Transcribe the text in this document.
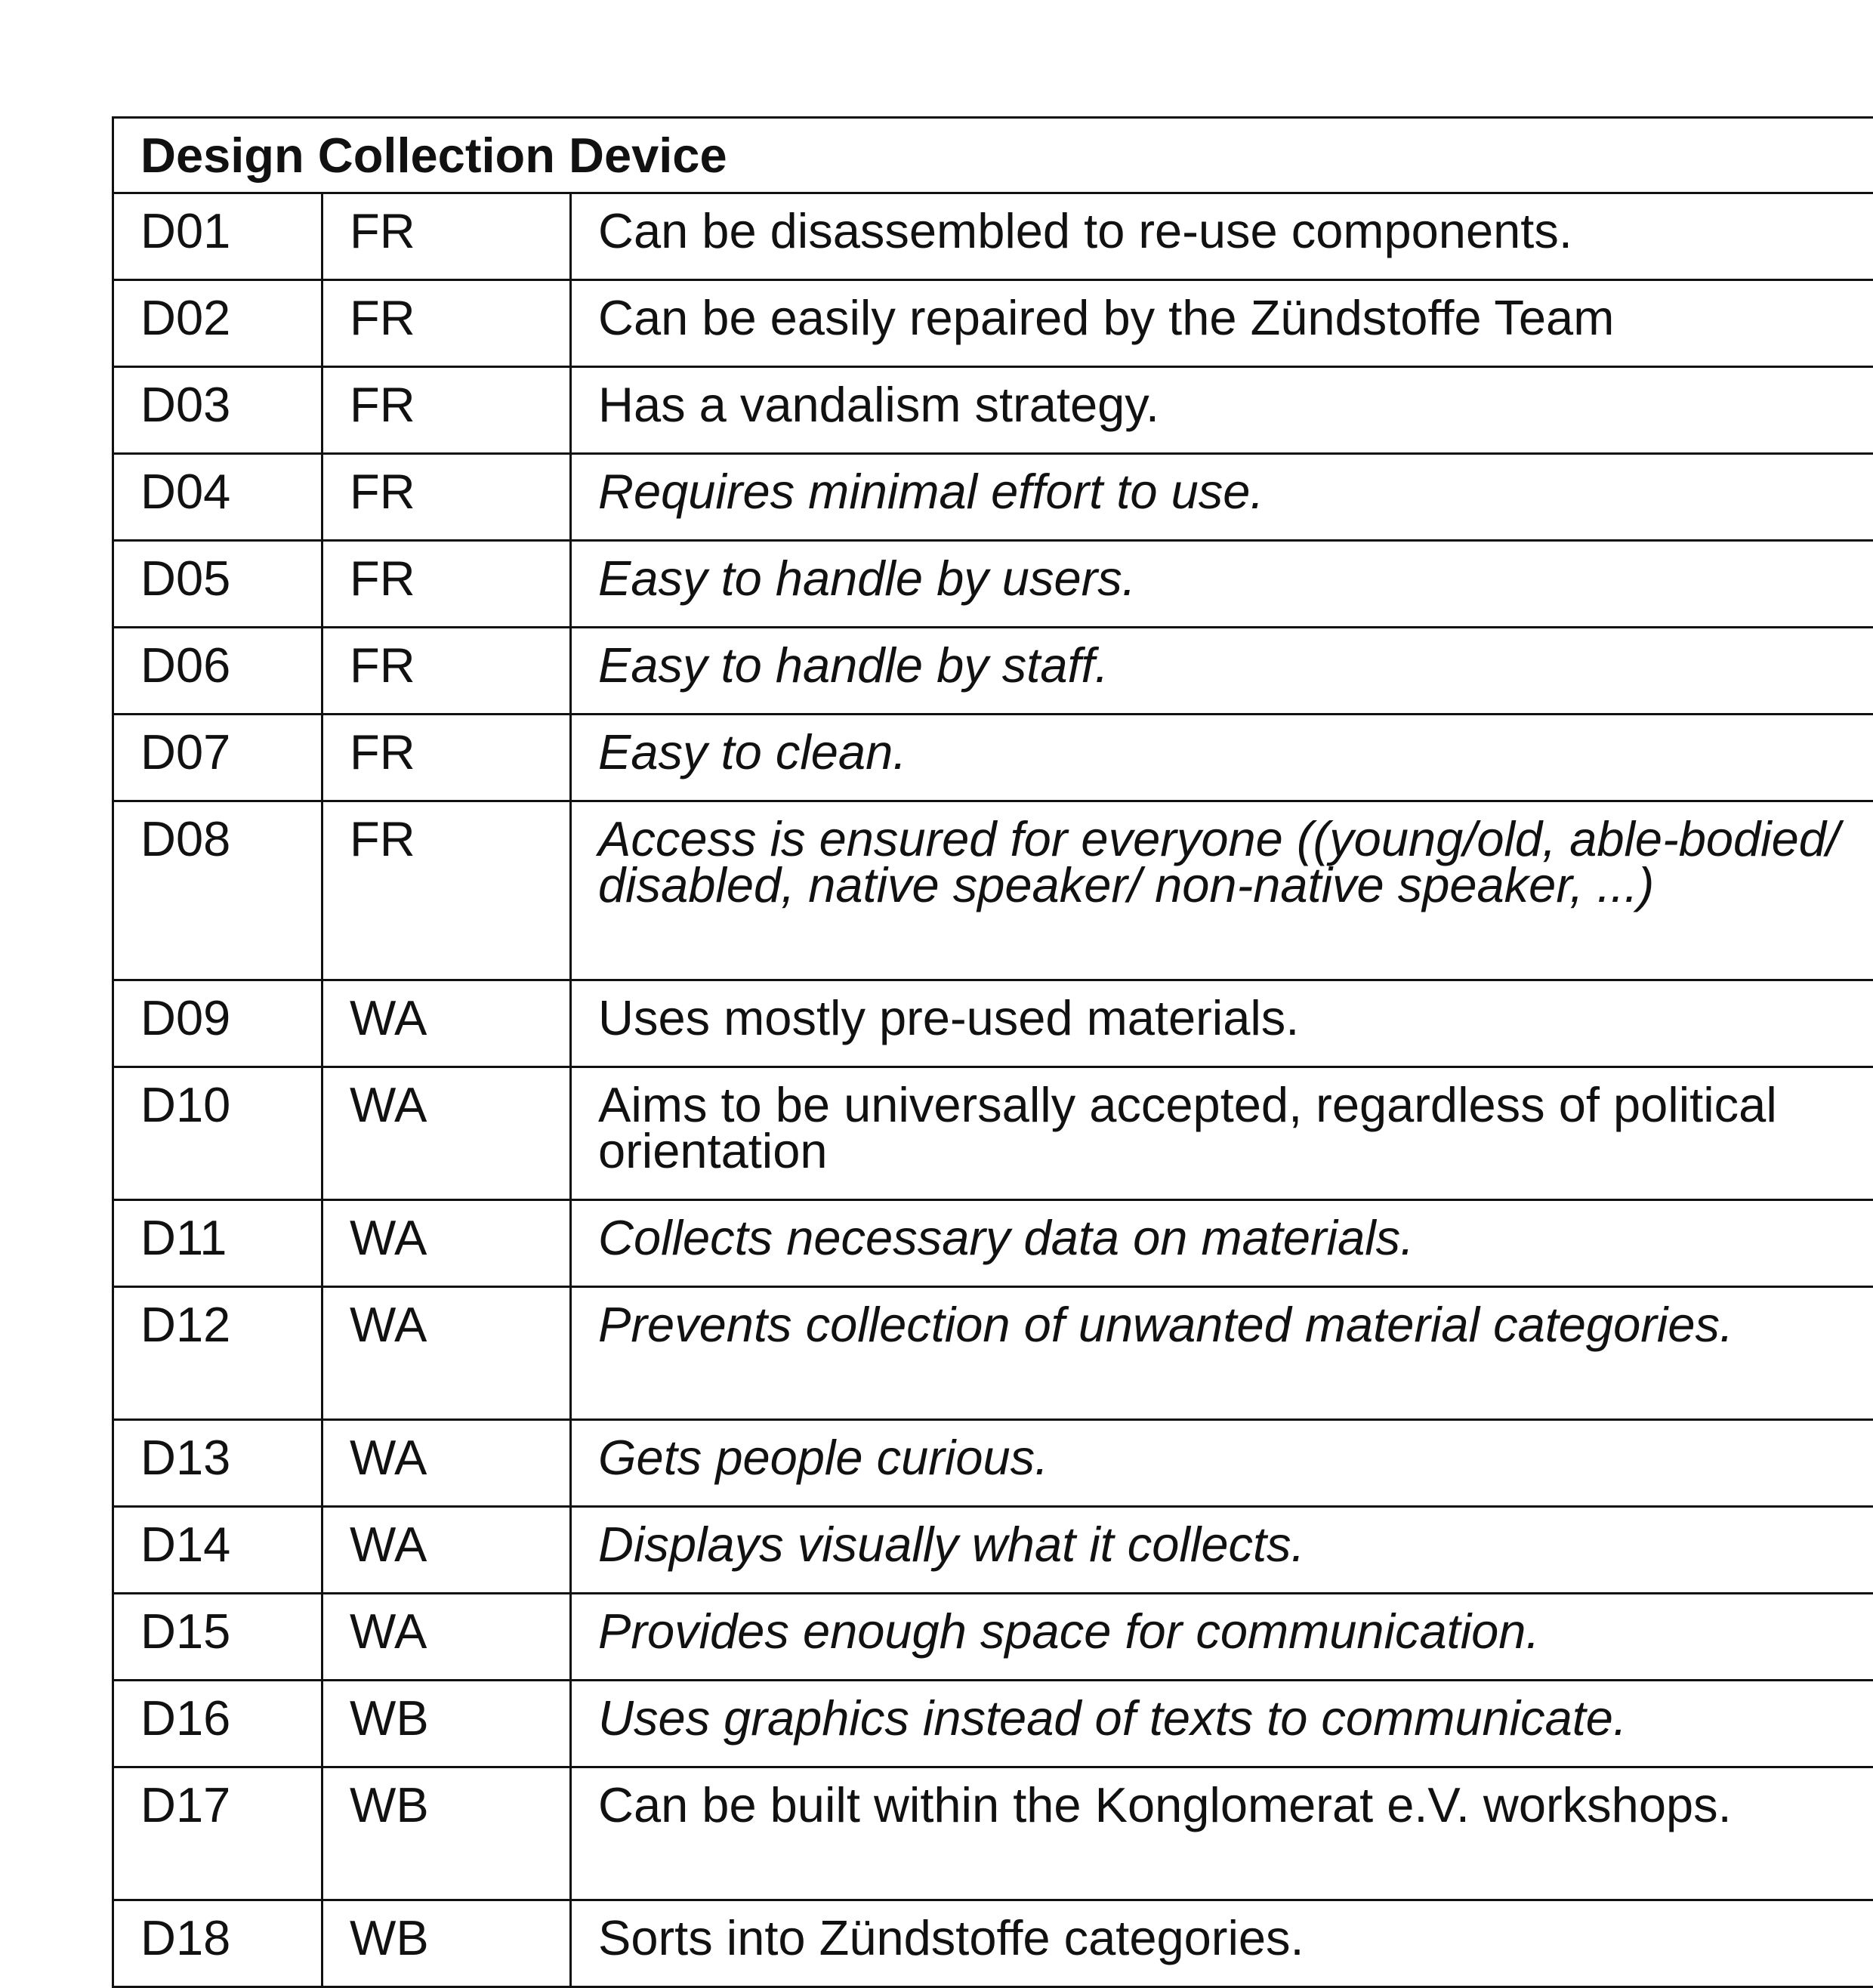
Design Collection Device		
D01	FR	Can be disassembled to re-use components.
D02	FR	Can be easily repaired by the Zündstoffe Team
D03	FR	Has a vandalism strategy.
D04	FR	Requires minimal effort to use.
D05	FR	Easy to handle by users.
D06	FR	Easy to handle by staff.
D07	FR	Easy to clean.
D08	FR	Access is ensured for everyone ((young/old, able-bodied/ disabled, native speaker/ non-native speaker, ...)
D09	WA	Uses mostly pre-used materials.
D10	WA	Aims to be universally accepted, regardless of political orientation
D11	WA	Collects necessary data on materials.
D12	WA	Prevents collection of unwanted material categories.
D13	WA	Gets people curious.
D14	WA	Displays visually what it collects.
D15	WA	Provides enough space for communication.
D16	WB	Uses graphics instead of texts to communicate.
D17	WB	Can be built within the Konglomerat e.V. workshops.
D18	WB	Sorts into Zündstoffe categories.
